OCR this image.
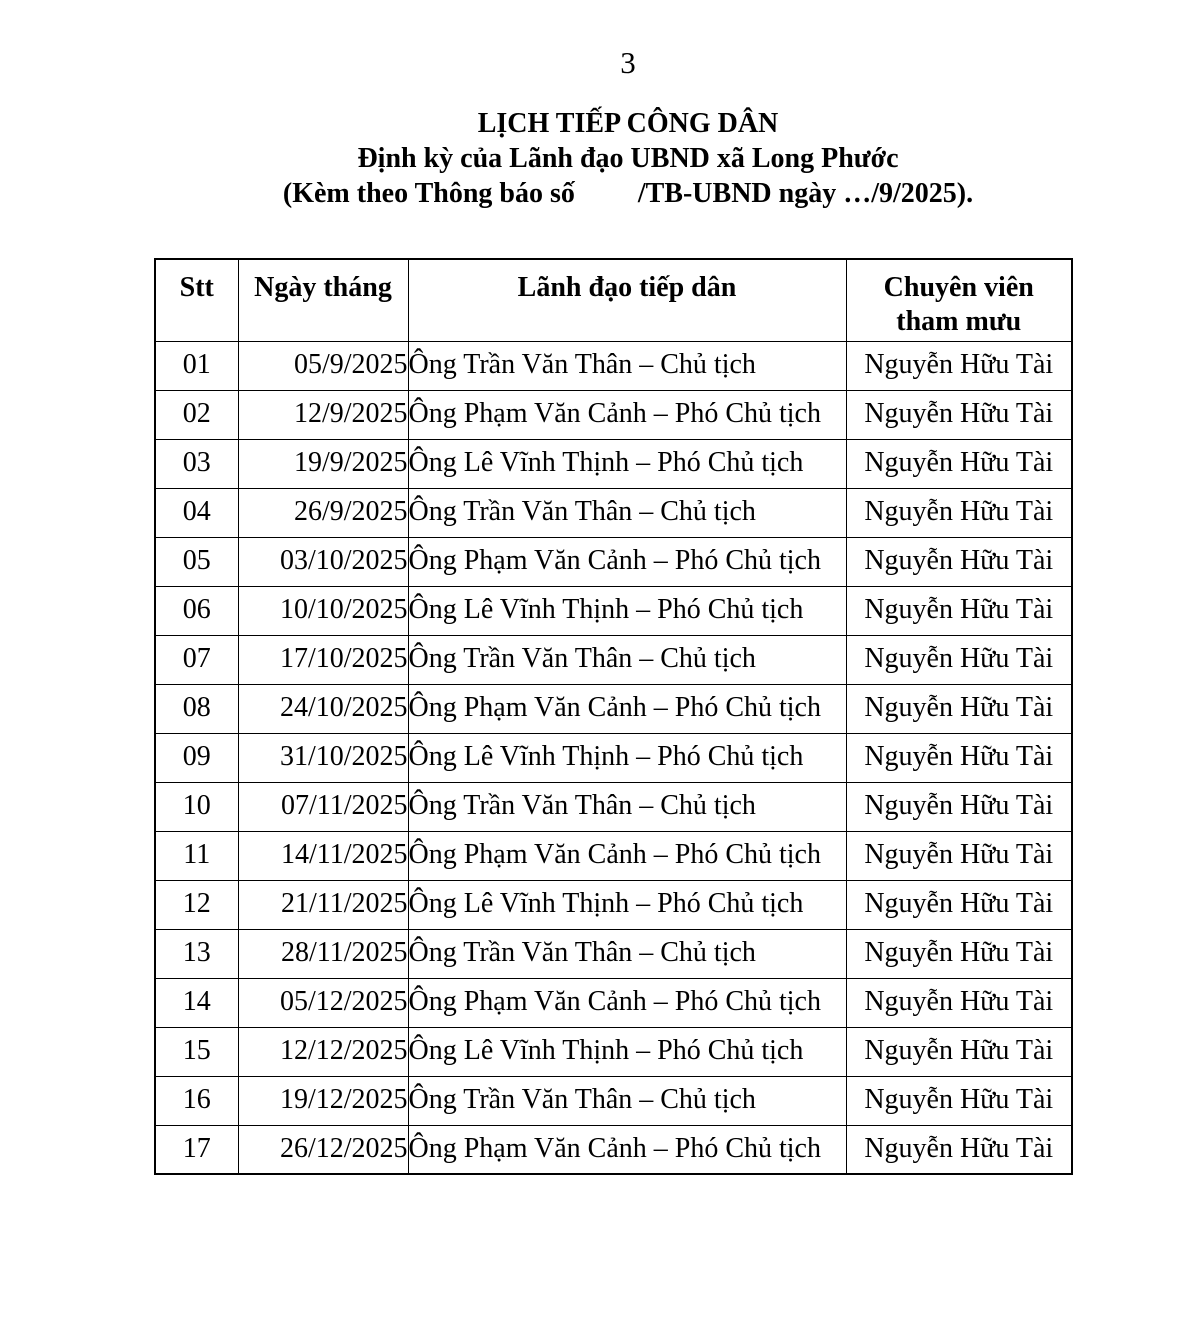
3
LỊCH TIẾP CÔNG DÂN
Định kỳ của Lãnh đạo UBND xã Long Phước
(Kèm theo Thông báo số         /TB-UBND ngày …/9/2025).
Stt	Ngày tháng	Lãnh đạo tiếp dân	Chuyên viên tham mưu
01	05/9/2025	Ông Trần Văn Thân – Chủ tịch	Nguyễn Hữu Tài
02	12/9/2025	Ông Phạm Văn Cảnh – Phó Chủ tịch	Nguyễn Hữu Tài
03	19/9/2025	Ông Lê Vĩnh Thịnh – Phó Chủ tịch	Nguyễn Hữu Tài
04	26/9/2025	Ông Trần Văn Thân – Chủ tịch	Nguyễn Hữu Tài
05	03/10/2025	Ông Phạm Văn Cảnh – Phó Chủ tịch	Nguyễn Hữu Tài
06	10/10/2025	Ông Lê Vĩnh Thịnh – Phó Chủ tịch	Nguyễn Hữu Tài
07	17/10/2025	Ông Trần Văn Thân – Chủ tịch	Nguyễn Hữu Tài
08	24/10/2025	Ông Phạm Văn Cảnh – Phó Chủ tịch	Nguyễn Hữu Tài
09	31/10/2025	Ông Lê Vĩnh Thịnh – Phó Chủ tịch	Nguyễn Hữu Tài
10	07/11/2025	Ông Trần Văn Thân – Chủ tịch	Nguyễn Hữu Tài
11	14/11/2025	Ông Phạm Văn Cảnh – Phó Chủ tịch	Nguyễn Hữu Tài
12	21/11/2025	Ông Lê Vĩnh Thịnh – Phó Chủ tịch	Nguyễn Hữu Tài
13	28/11/2025	Ông Trần Văn Thân – Chủ tịch	Nguyễn Hữu Tài
14	05/12/2025	Ông Phạm Văn Cảnh – Phó Chủ tịch	Nguyễn Hữu Tài
15	12/12/2025	Ông Lê Vĩnh Thịnh – Phó Chủ tịch	Nguyễn Hữu Tài
16	19/12/2025	Ông Trần Văn Thân – Chủ tịch	Nguyễn Hữu Tài
17	26/12/2025	Ông Phạm Văn Cảnh – Phó Chủ tịch	Nguyễn Hữu Tài
